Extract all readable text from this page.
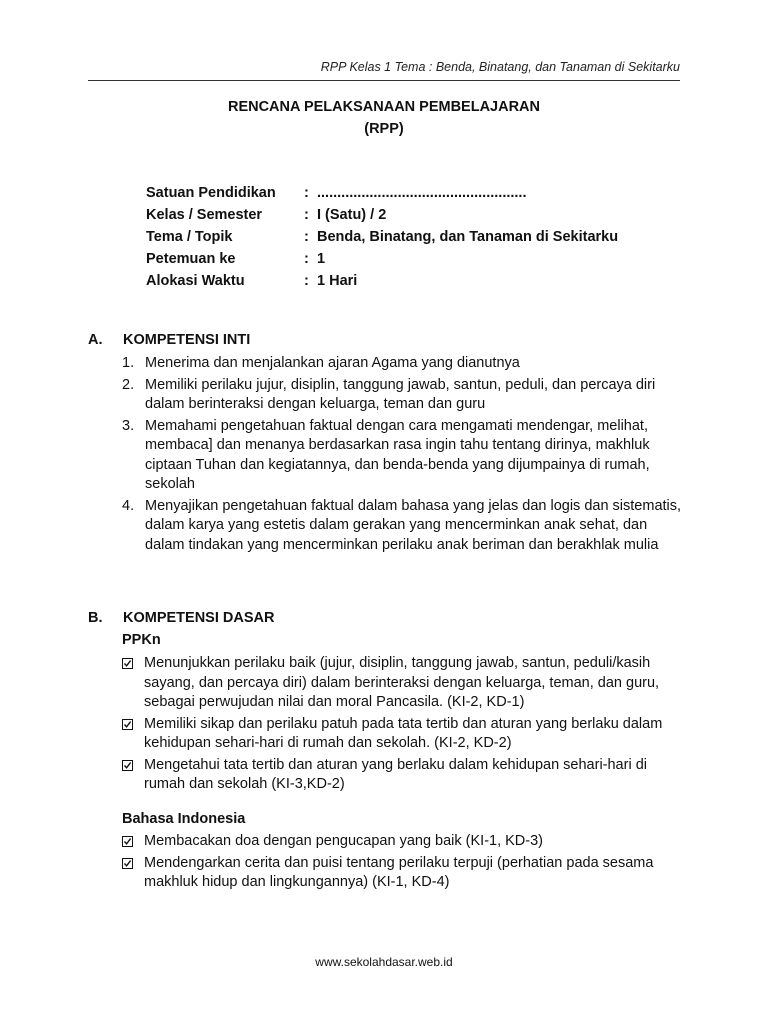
RPP Kelas 1 Tema : Benda, Binatang, dan Tanaman di Sekitarku
RENCANA PELAKSANAAN PEMBELAJARAN
(RPP)
Satuan Pendidikan	: ....................................................
Kelas / Semester	: I (Satu) / 2
Tema / Topik	: Benda, Binatang, dan Tanaman di Sekitarku
Petemuan ke	: 1
Alokasi Waktu	: 1 Hari
A.	KOMPETENSI INTI
1. Menerima dan menjalankan ajaran Agama yang dianutnya
2. Memiliki perilaku jujur, disiplin, tanggung jawab, santun, peduli, dan percaya diri dalam berinteraksi dengan keluarga, teman dan guru
3. Memahami pengetahuan faktual dengan cara mengamati mendengar, melihat, membaca] dan menanya berdasarkan rasa ingin tahu tentang dirinya, makhluk ciptaan Tuhan dan kegiatannya, dan benda-benda yang dijumpainya di rumah, sekolah
4. Menyajikan pengetahuan faktual dalam bahasa yang jelas dan logis dan sistematis, dalam karya yang estetis dalam gerakan yang mencerminkan anak sehat, dan dalam tindakan yang mencerminkan perilaku anak beriman dan berakhlak mulia
B.	KOMPETENSI DASAR
PPKn
Menunjukkan perilaku baik (jujur, disiplin, tanggung jawab, santun, peduli/kasih sayang, dan percaya diri) dalam berinteraksi dengan keluarga, teman, dan guru, sebagai perwujudan nilai dan moral Pancasila. (KI-2, KD-1)
Memiliki sikap dan perilaku patuh pada tata tertib dan aturan yang berlaku dalam kehidupan sehari-hari di rumah dan sekolah. (KI-2, KD-2)
Mengetahui tata tertib dan aturan yang berlaku dalam kehidupan sehari-hari di rumah dan sekolah (KI-3,KD-2)
Bahasa Indonesia
Membacakan doa dengan pengucapan yang baik (KI-1, KD-3)
Mendengarkan cerita dan puisi tentang perilaku terpuji (perhatian pada sesama makhluk hidup dan lingkungannya) (KI-1, KD-4)
www.sekolahdasar.web.id
